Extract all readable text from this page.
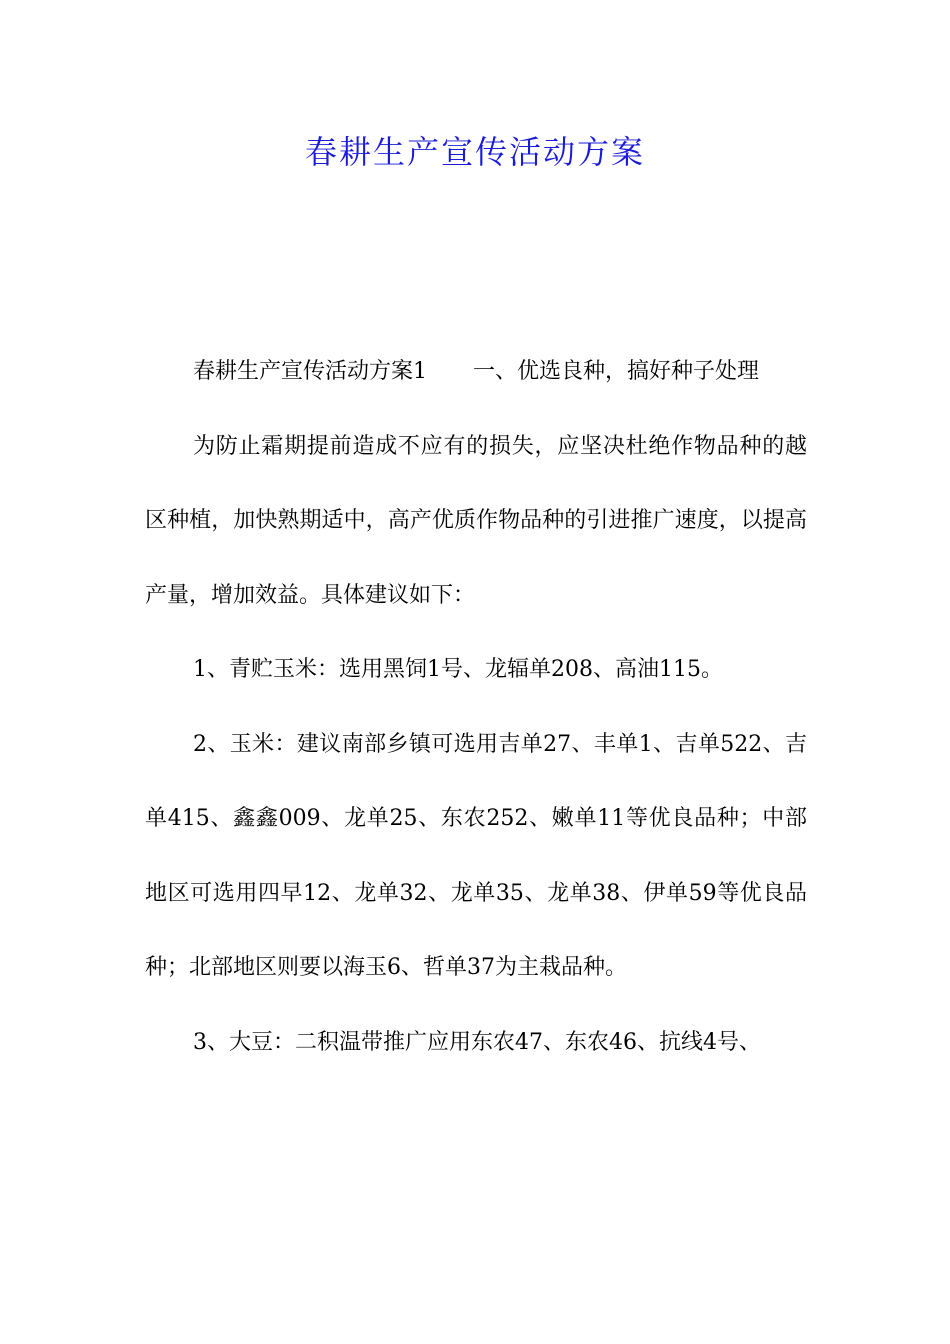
春耕生产宣传活动方案

春耕生产宣传活动方案1 一、优选良种，搞好种子处理

为防止霜期提前造成不应有的损失，应坚决杜绝作物品种的越区种植，加快熟期适中，高产优质作物品种的引进推广速度，以提高产量，增加效益。具体建议如下：

1、青贮玉米：选用黑饲1号、龙辐单208、高油115。

2、玉米：建议南部乡镇可选用吉单27、丰单1、吉单522、吉单415、鑫鑫009、龙单25、东农252、嫩单11等优良品种；中部地区可选用四早12、龙单32、龙单35、龙单38、伊单59等优良品种；北部地区则要以海玉6、哲单37为主栽品种。

3、大豆：二积温带推广应用东农47、东农46、抗线4号、
